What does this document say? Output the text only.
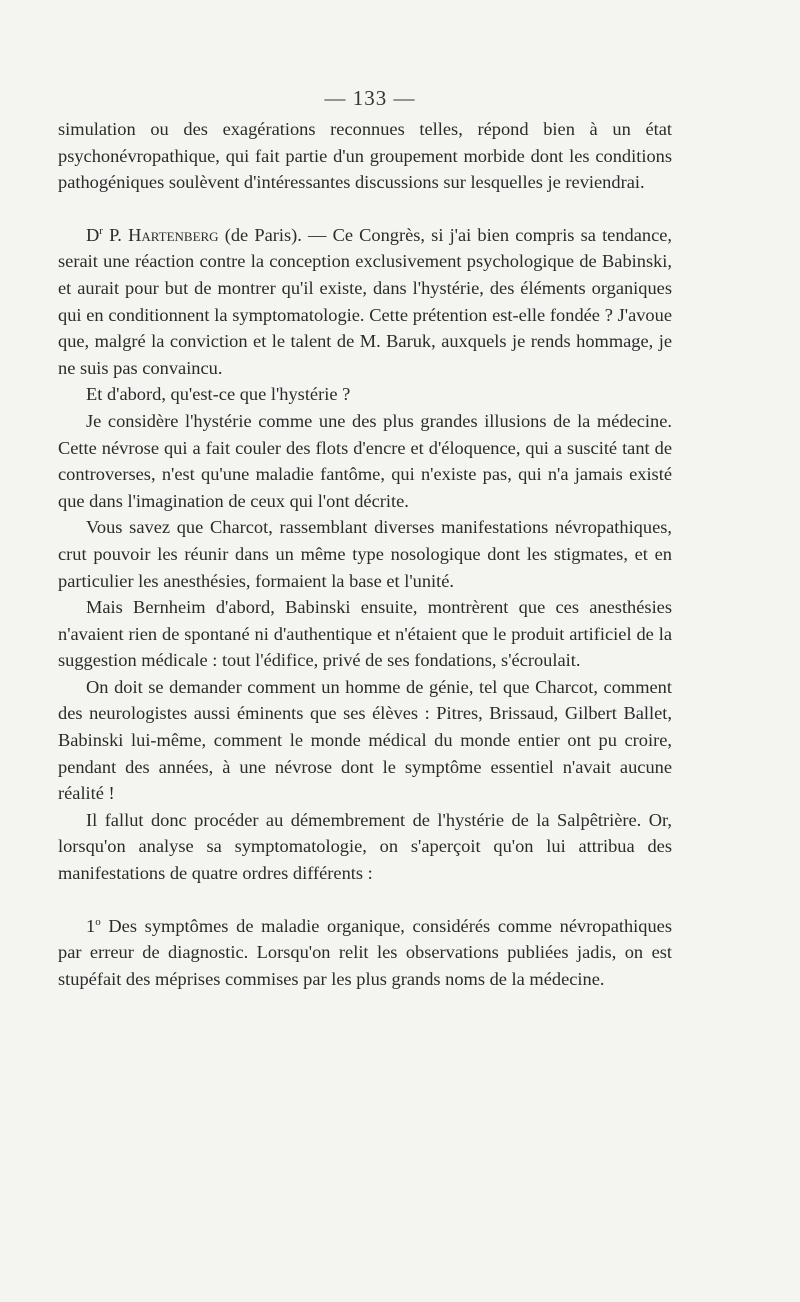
— 133 —

simulation ou des exagérations reconnues telles, répond bien à un état psychonévropathique, qui fait partie d'un groupement morbide dont les conditions pathogéniques soulèvent d'intéressantes discussions sur lesquelles je reviendrai.

$D^r$ P. Hartenberg (de Paris). — Ce Congrès, si j'ai bien compris sa tendance, serait une réaction contre la conception exclusivement psychologique de Babinski, et aurait pour but de montrer qu'il existe, dans l'hystérie, des éléments organiques qui en conditionnent la symptomatologie. Cette prétention est-elle fondée ? J'avoue que, malgré la conviction et le talent de M. Baruk, auxquels je rends hommage, je ne suis pas convaincu.

Et d'abord, qu'est-ce que l'hystérie ?

Je considère l'hystérie comme une des plus grandes illusions de la médecine. Cette névrose qui a fait couler des flots d'encre et d'éloquence, qui a suscité tant de controverses, n'est qu'une maladie fantôme, qui n'existe pas, qui n'a jamais existé que dans l'imagination de ceux qui l'ont décrite.

Vous savez que Charcot, rassemblant diverses manifestations névropathiques, crut pouvoir les réunir dans un même type nosologique dont les stigmates, et en particulier les anesthésies, formaient la base et l'unité.

Mais Bernheim d'abord, Babinski ensuite, montrèrent que ces anesthésies n'avaient rien de spontané ni d'authentique et n'étaient que le produit artificiel de la suggestion médicale : tout l'édifice, privé de ses fondations, s'écroulait.

On doit se demander comment un homme de génie, tel que Charcot, comment des neurologistes aussi éminents que ses élèves : Pitres, Brissaud, Gilbert Ballet, Babinski lui-même, comment le monde médical du monde entier ont pu croire, pendant des années, à une névrose dont le symptôme essentiel n'avait aucune réalité !

Il fallut donc procéder au démembrement de l'hystérie de la Salpêtrière. Or, lorsqu'on analyse sa symptomatologie, on s'aperçoit qu'on lui attribua des manifestations de quatre ordres différents :

1$^o$ Des symptômes de maladie organique, considérés comme névropathiques par erreur de diagnostic. Lorsqu'on relit les observations publiées jadis, on est stupéfait des méprises commises par les plus grands noms de la médecine.
